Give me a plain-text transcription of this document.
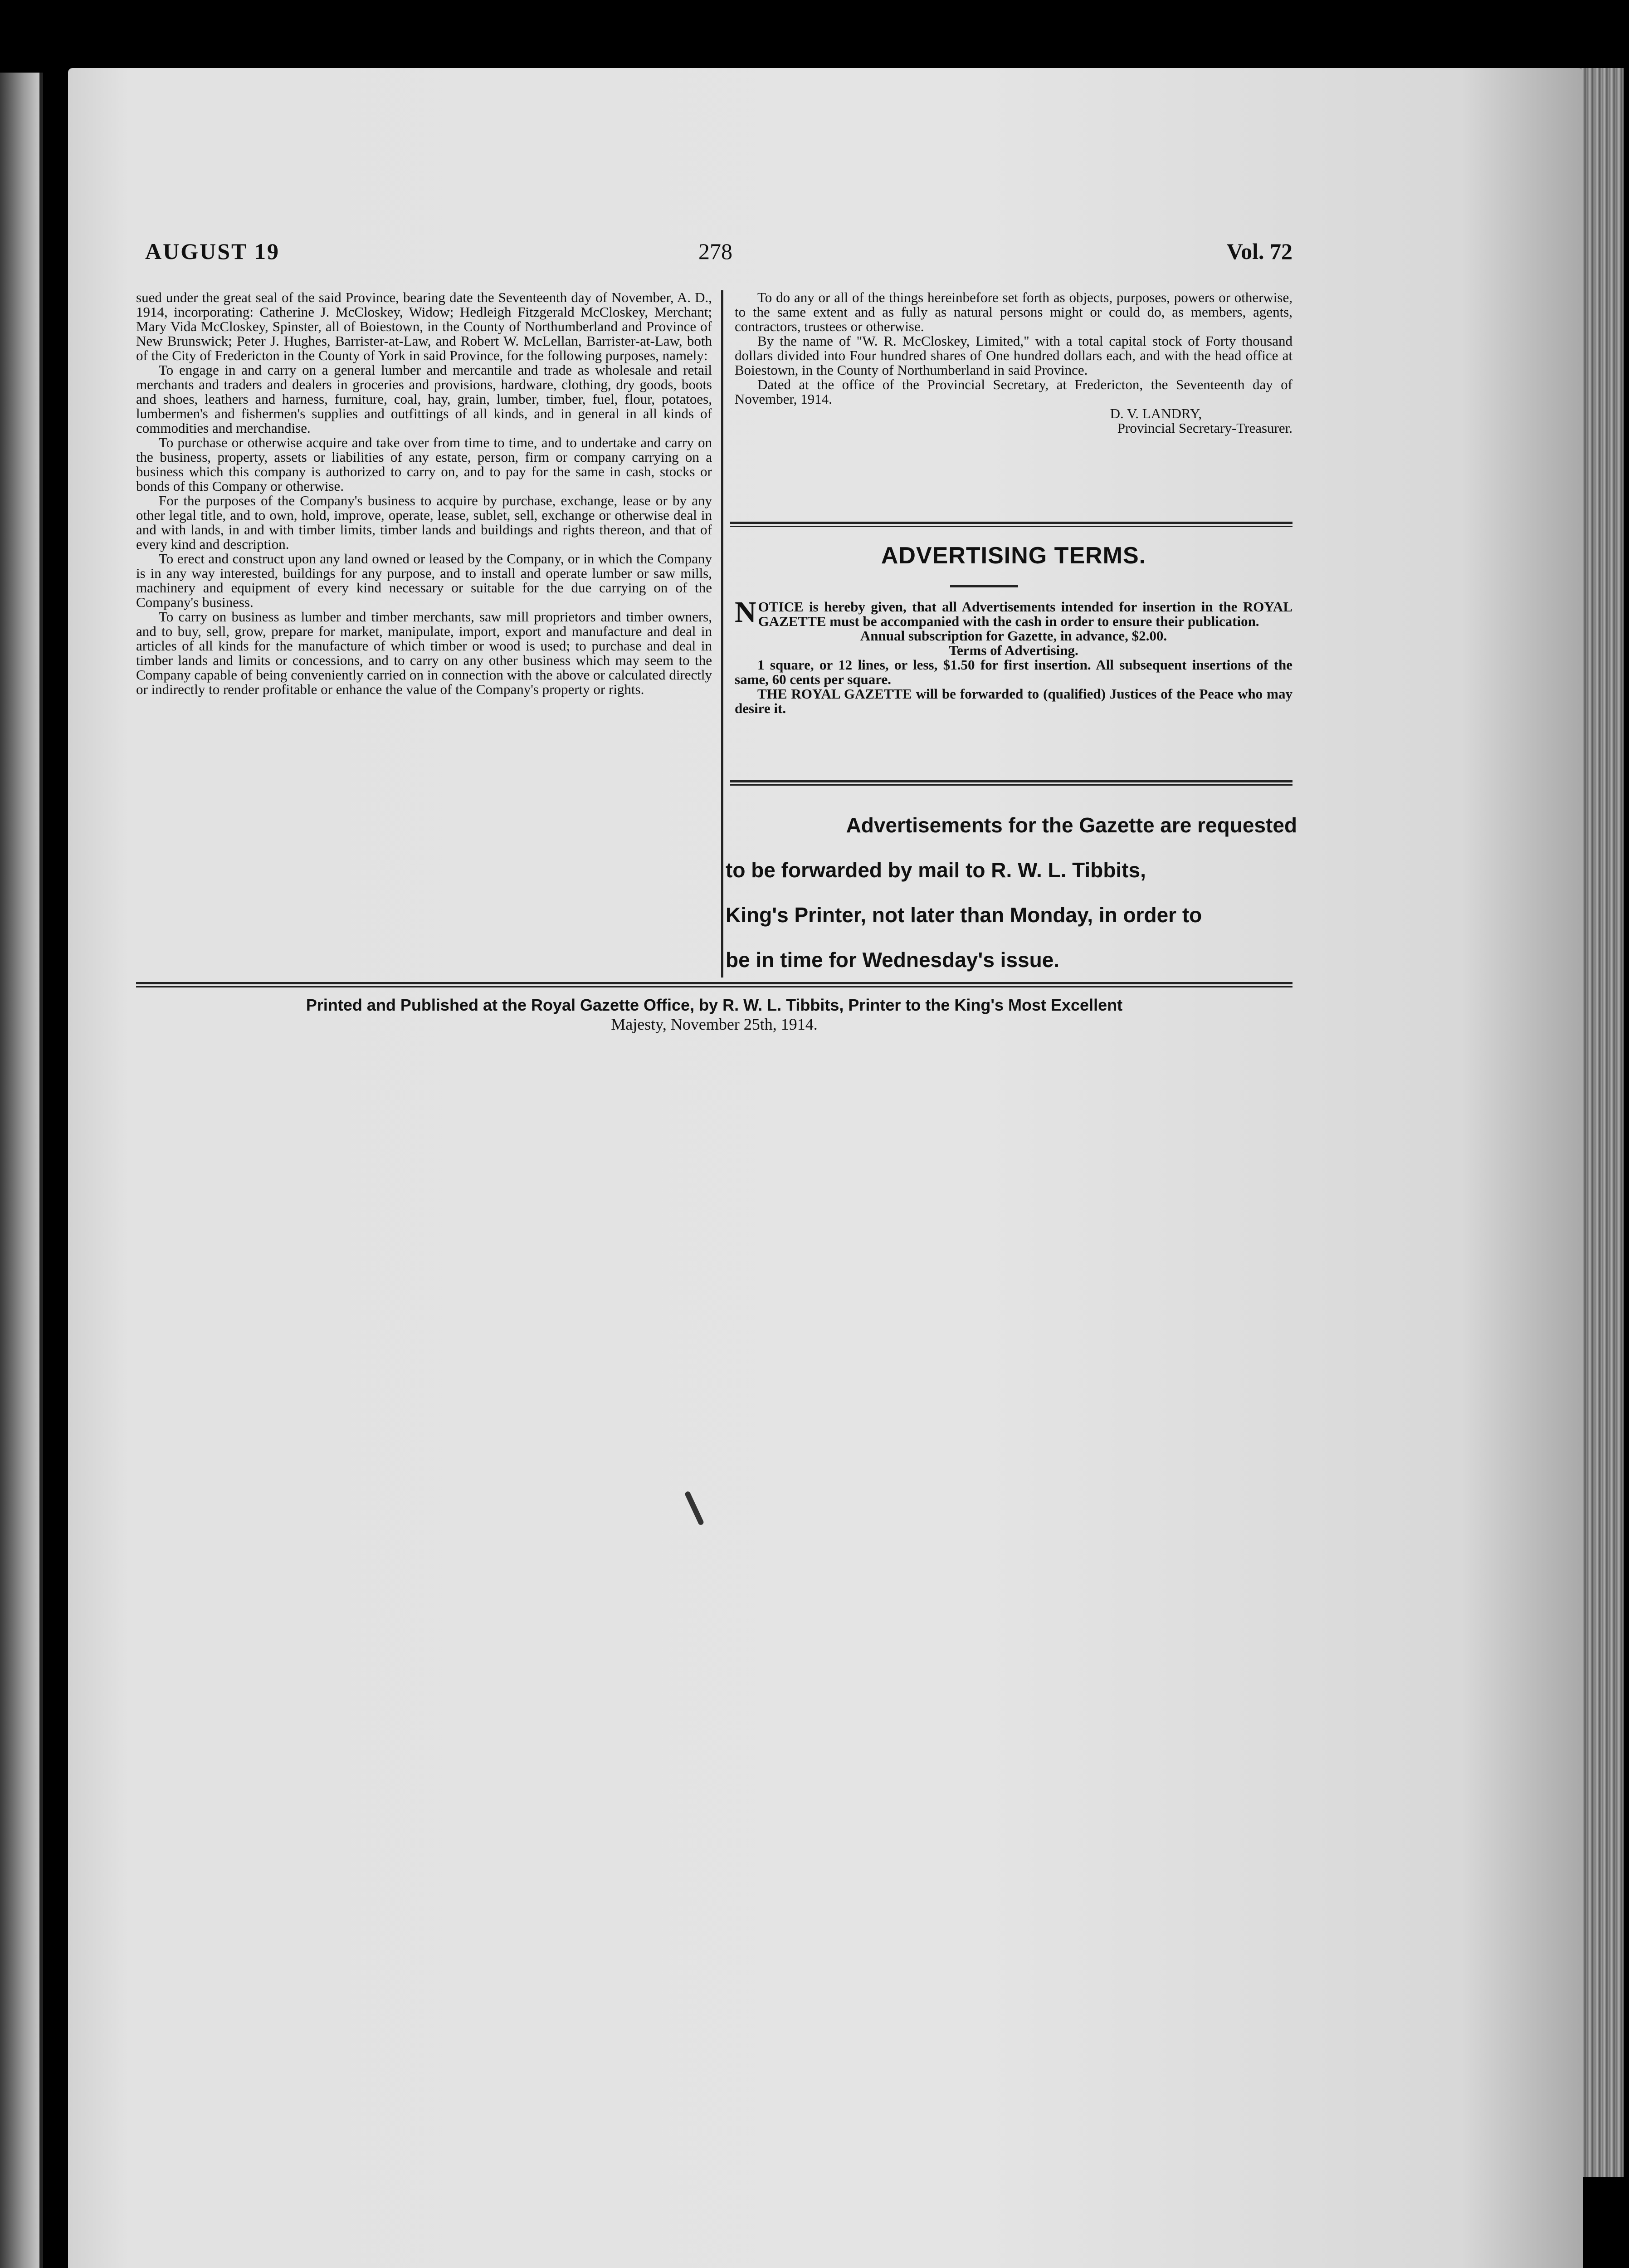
AUGUST 19	278	Vol. 72

sued under the great seal of the said Province, bearing date the Seventeenth day of November, A. D., 1914, incorporating: Catherine J. McCloskey, Widow; Hedleigh Fitzgerald McCloskey, Merchant; Mary Vida McCloskey, Spinster, all of Boiestown, in the County of Northumberland and Province of New Brunswick; Peter J. Hughes, Barrister-at-Law, and Robert W. McLellan, Barrister-at-Law, both of the City of Fredericton in the County of York in said Province, for the following purposes, namely:

To engage in and carry on a general lumber and mercantile and trade as wholesale and retail merchants and traders and dealers in groceries and provisions, hardware, clothing, dry goods, boots and shoes, leathers and harness, furniture, coal, hay, grain, lumber, timber, fuel, flour, potatoes, lumbermen's and fishermen's supplies and outfittings of all kinds, and in general in all kinds of commodities and merchandise.

To purchase or otherwise acquire and take over from time to time, and to undertake and carry on the business, property, assets or liabilities of any estate, person, firm or company carrying on a business which this company is authorized to carry on, and to pay for the same in cash, stocks or bonds of this Company or otherwise.

For the purposes of the Company's business to acquire by purchase, exchange, lease or by any other legal title, and to own, hold, improve, operate, lease, sublet, sell, exchange or otherwise deal in and with lands, in and with timber limits, timber lands and buildings and rights thereon, and that of every kind and description.

To erect and construct upon any land owned or leased by the Company, or in which the Company is in any way interested, buildings for any purpose, and to install and operate lumber or saw mills, machinery and equipment of every kind necessary or suitable for the due carrying on of the Company's business.

To carry on business as lumber and timber merchants, saw mill proprietors and timber owners, and to buy, sell, grow, prepare for market, manipulate, import, export and manufacture and deal in articles of all kinds for the manufacture of which timber or wood is used; to purchase and deal in timber lands and limits or concessions, and to carry on any other business which may seem to the Company capable of being conveniently carried on in connection with the above or calculated directly or indirectly to render profitable or enhance the value of the Company's property or rights.

To do any or all of the things hereinbefore set forth as objects, purposes, powers or otherwise, to the same extent and as fully as natural persons might or could do, as members, agents, contractors, trustees or otherwise.

By the name of "W. R. McCloskey, Limited," with a total capital stock of Forty thousand dollars divided into Four hundred shares of One hundred dollars each, and with the head office at Boiestown, in the County of Northumberland in said Province.

Dated at the office of the Provincial Secretary, at Fredericton, the Seventeenth day of November, 1914.

D. V. LANDRY,

Provincial Secretary-Treasurer.

ADVERTISING TERMS.

NOTICE is hereby given, that all Advertisements intended for insertion in the ROYAL GAZETTE must be accompanied with the cash in order to ensure their publication.

Annual subscription for Gazette, in advance, $2.00.

Terms of Advertising.

1 square, or 12 lines, or less, $1.50 for first insertion. All subsequent insertions of the same, 60 cents per square.

THE ROYAL GAZETTE will be forwarded to (qualified) Justices of the Peace who may desire it.

Advertisements for the Gazette are requested
to be forwarded by mail to R. W. L. Tibbits,
King's Printer, not later than Monday, in order to
be in time for Wednesday's issue.
Printed and Published at the Royal Gazette Office, by R. W. L. Tibbits, Printer to the King's Most Excellent
Majesty, November 25th, 1914.
